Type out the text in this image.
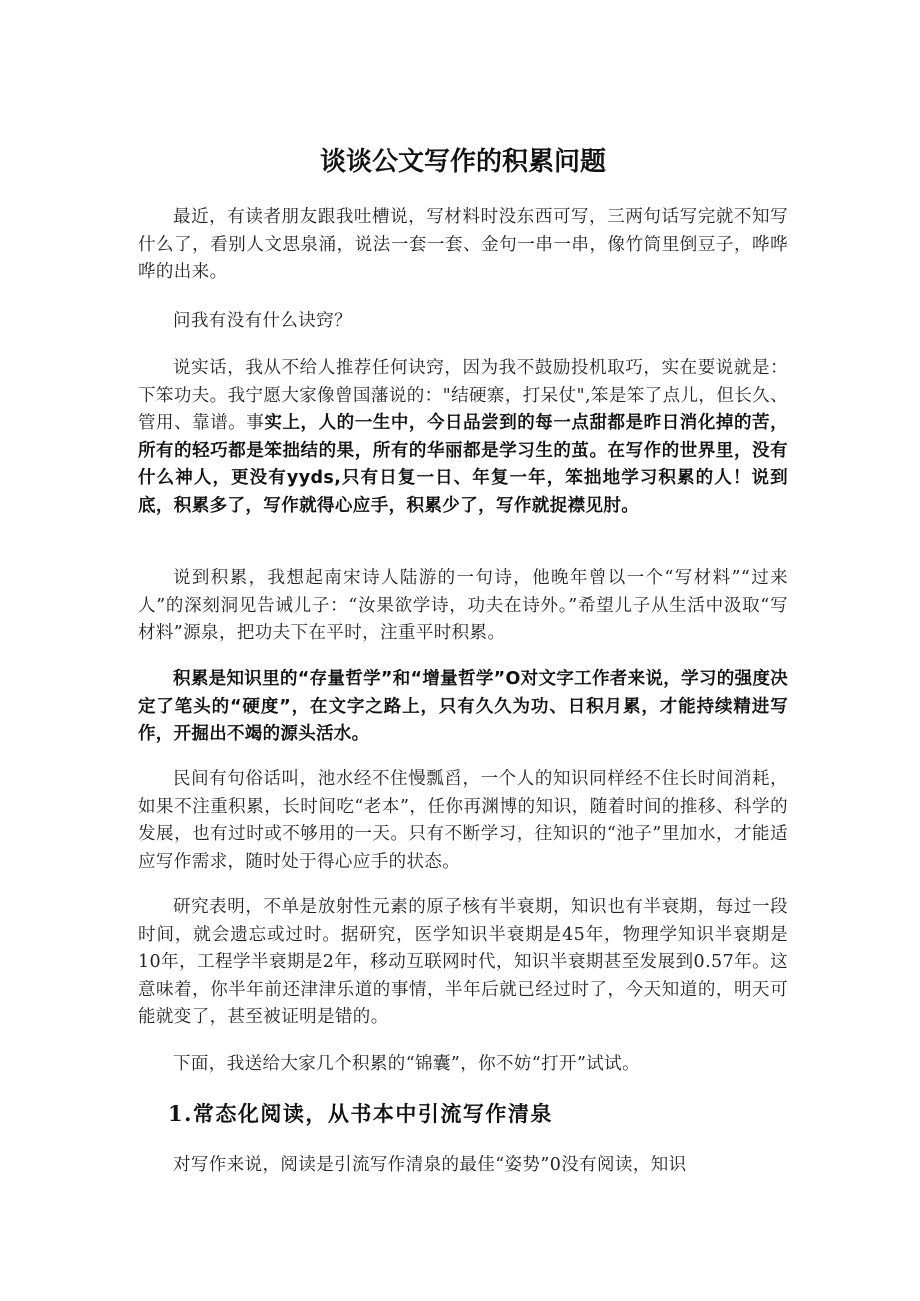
谈谈公文写作的积累问题

最近，有读者朋友跟我吐槽说，写材料时没东西可写，三两句话写完就不知写什么了，看别人文思泉涌，说法一套一套、金句一串一串，像竹筒里倒豆子，哗哗哗的出来。

问我有没有什么诀窍？

说实话，我从不给人推荐任何诀窍，因为我不鼓励投机取巧，实在要说就是：下笨功夫。我宁愿大家像曾国藩说的："结硬寨，打呆仗",笨是笨了点儿，但长久、管用、靠谱。事实上，人的一生中，今日品尝到的每一点甜都是昨日消化掉的苦，所有的轻巧都是笨拙结的果，所有的华丽都是学习生的茧。在写作的世界里，没有什么神人，更没有yyds,只有日复一日、年复一年，笨拙地学习积累的人！说到底，积累多了，写作就得心应手，积累少了，写作就捉襟见肘。

说到积累，我想起南宋诗人陆游的一句诗，他晚年曾以一个“写材料”“过来人”的深刻洞见告诫儿子：“汝果欲学诗，功夫在诗外。”希望儿子从生活中汲取“写材料”源泉，把功夫下在平时，注重平时积累。

积累是知识里的“存量哲学”和“增量哲学”O对文字工作者来说，学习的强度决定了笔头的“硬度”，在文字之路上，只有久久为功、日积月累，才能持续精进写作，开掘出不竭的源头活水。

民间有句俗话叫，池水经不住慢瓢舀，一个人的知识同样经不住长时间消耗，如果不注重积累，长时间吃“老本”，任你再渊博的知识，随着时间的推移、科学的发展，也有过时或不够用的一天。只有不断学习，往知识的“池子”里加水，才能适应写作需求，随时处于得心应手的状态。

研究表明，不单是放射性元素的原子核有半衰期，知识也有半衰期，每过一段时间，就会遗忘或过时。据研究，医学知识半衰期是45年，物理学知识半衰期是10年，工程学半衰期是2年，移动互联网时代，知识半衰期甚至发展到0.57年。这意味着，你半年前还津津乐道的事情，半年后就已经过时了，今天知道的，明天可能就变了，甚至被证明是错的。

下面，我送给大家几个积累的“锦囊”，你不妨“打开”试试。

1.常态化阅读，从书本中引流写作清泉

对写作来说，阅读是引流写作清泉的最佳“姿势”0没有阅读，知识
